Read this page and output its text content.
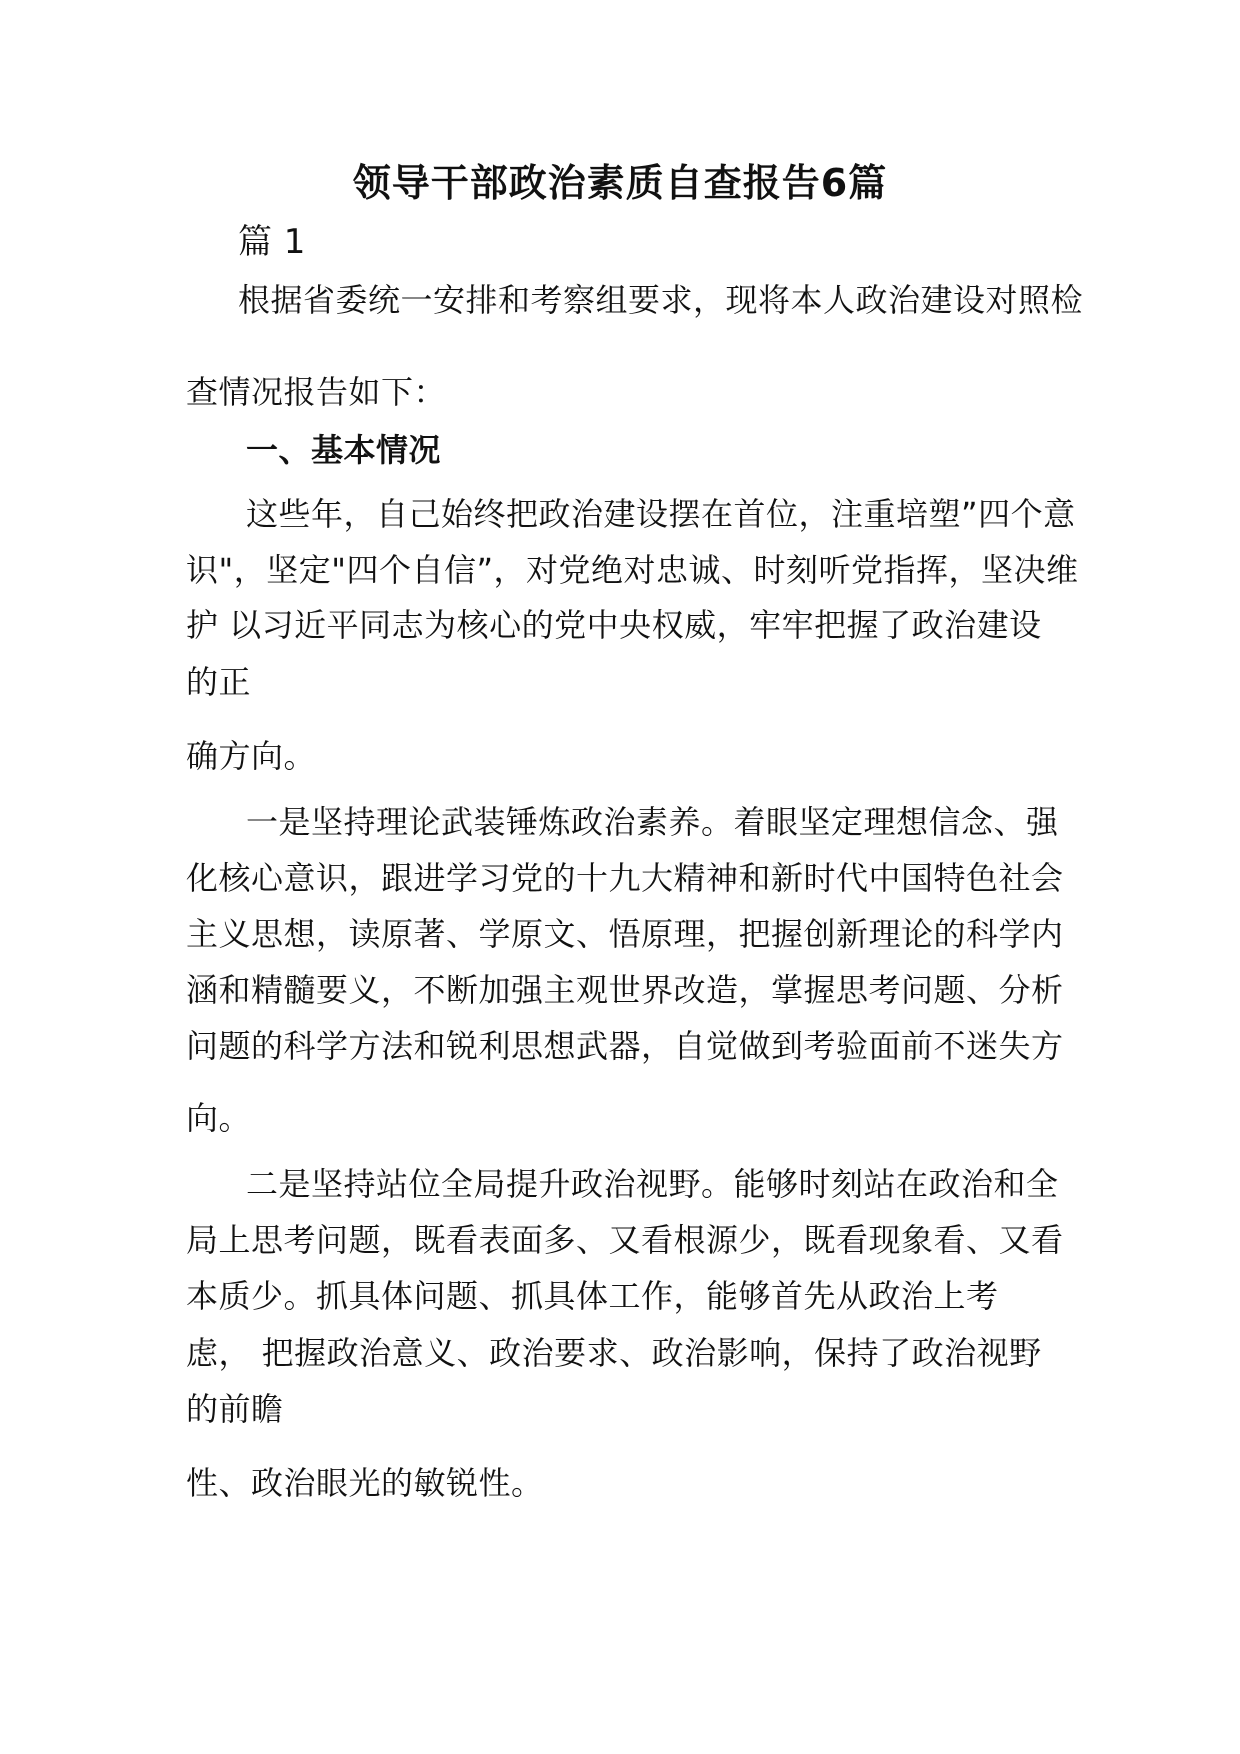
领导干部政治素质自查报告6篇
篇 1
根据省委统一安排和考察组要求，现将本人政治建设对照检
查情况报告如下：
一、基本情况
这些年，自己始终把政治建设摆在首位，注重培塑”四个意
识"，坚定"四个自信”，对党绝对忠诚、时刻听党指挥，坚决维
护 以习近平同志为核心的党中央权威，牢牢把握了政治建设
的正
确方向。
一是坚持理论武装锤炼政治素养。着眼坚定理想信念、强
化核心意识，跟进学习党的十九大精神和新时代中国特色社会
主义思想，读原著、学原文、悟原理，把握创新理论的科学内
涵和精髓要义，不断加强主观世界改造，掌握思考问题、分析
问题的科学方法和锐利思想武器，自觉做到考验面前不迷失方
向。
二是坚持站位全局提升政治视野。能够时刻站在政治和全
局上思考问题，既看表面多、又看根源少，既看现象看、又看
本质少。抓具体问题、抓具体工作，能够首先从政治上考
虑， 把握政治意义、政治要求、政治影响，保持了政治视野
的前瞻
性、政治眼光的敏锐性。
